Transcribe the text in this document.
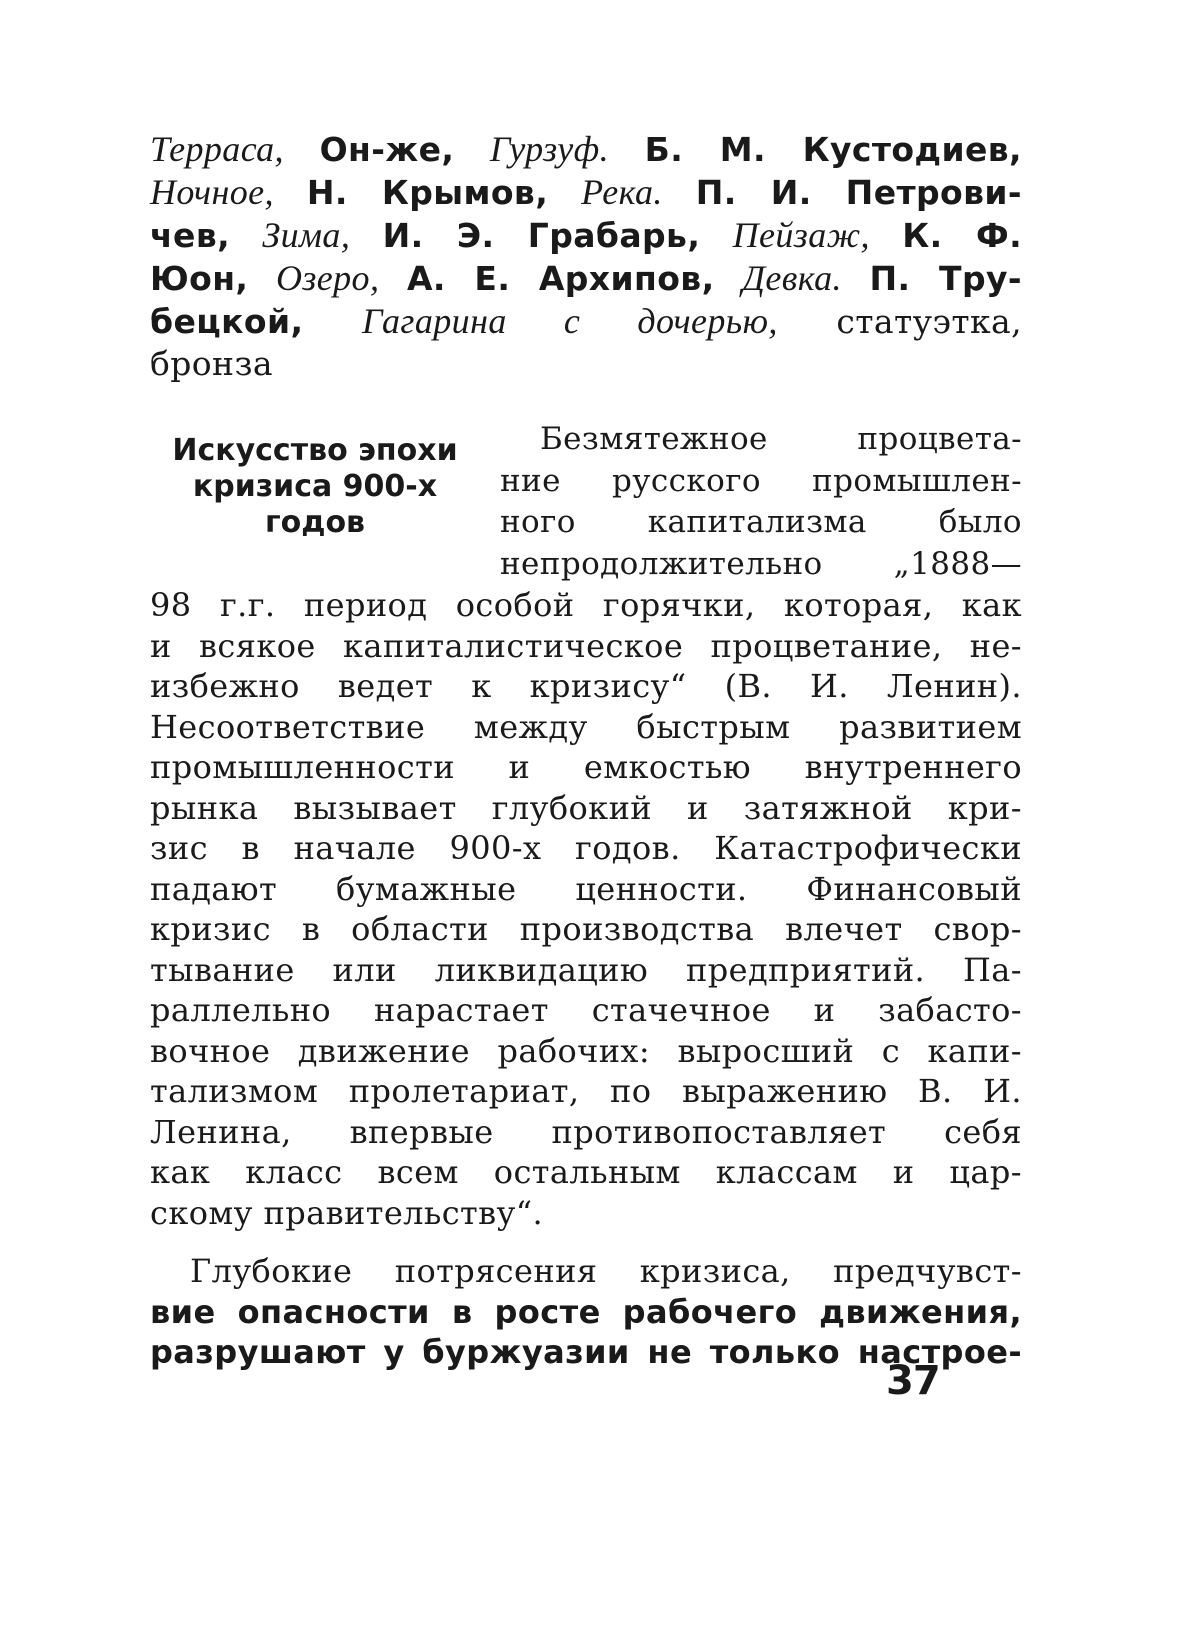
Терраса, Он-же, Гурзуф. Б. М. Кустодиев,
Ночное, Н. Крымов, Река. П. И. Петрови-
чев, Зима, И. Э. Грабарь, Пейзаж, К. Ф.
Юон, Озеро, А. Е. Архипов, Девка. П. Тру-
бецкой, Гагарина с дочерью, статуэтка,
бронза
Искусство эпохи
кризиса 900-х
годов
Безмятежное процвета-
ние русского промышлен-
ного капитализма было
непродолжительно „1888—
98 г.г. период особой горячки, которая, как
и всякое капиталистическое процветание, не-
избежно ведет к кризису“ (В. И. Ленин).
Несоответствие между быстрым развитием
промышленности и емкостью внутреннего
рынка вызывает глубокий и затяжной кри-
зис в начале 900-х годов. Катастрофически
падают бумажные ценности. Финансовый
кризис в области производства влечет свор-
тывание или ликвидацию предприятий. Па-
раллельно нарастает стачечное и забасто-
вочное движение рабочих: выросший с капи-
тализмом пролетариат, по выражению В. И.
Ленина, впервые противопоставляет себя
как класс всем остальным классам и цар-
скому правительству“.
Глубокие потрясения кризиса, предчувст-
вие опасности в росте рабочего движения,
разрушают у буржуазии не только настрое-
37
